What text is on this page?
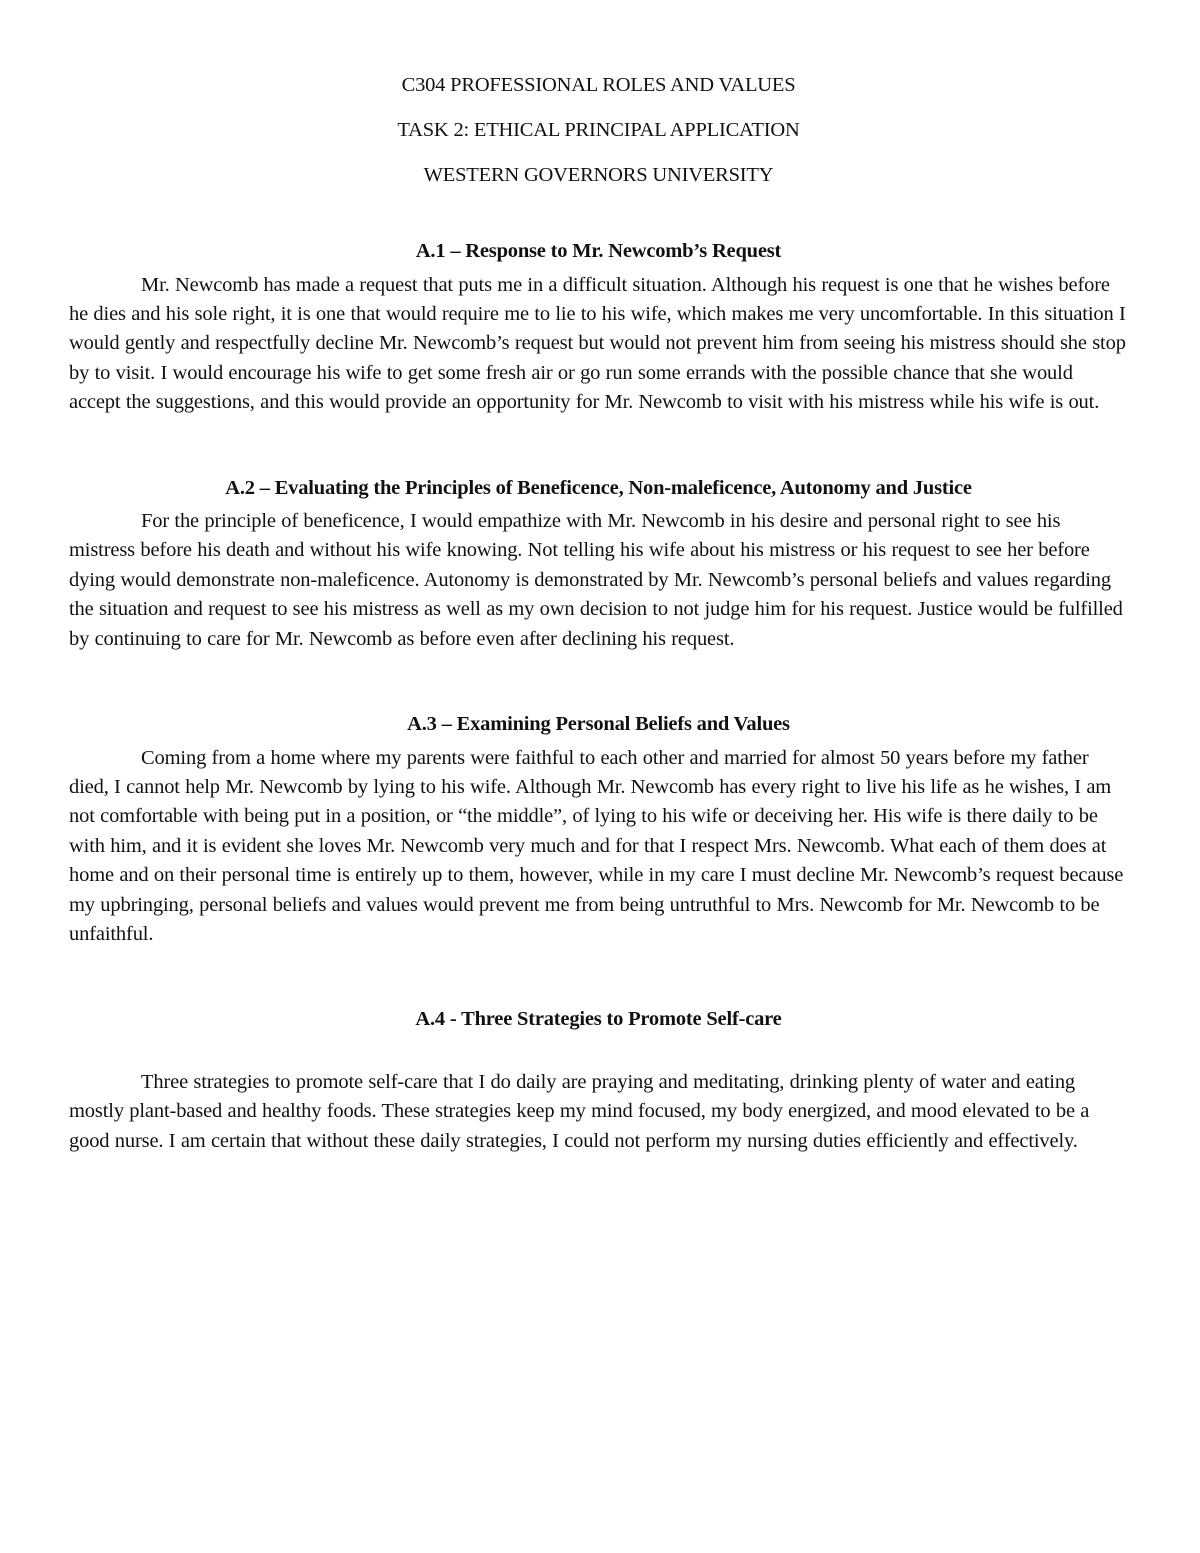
C304 PROFESSIONAL ROLES AND VALUES

TASK 2: ETHICAL PRINCIPAL APPLICATION

WESTERN GOVERNORS UNIVERSITY

A.1 – Response to Mr. Newcomb’s Request

Mr. Newcomb has made a request that puts me in a difficult situation. Although his request is one that he wishes before he dies and his sole right, it is one that would require me to lie to his wife, which makes me very uncomfortable. In this situation I would gently and respectfully decline Mr. Newcomb’s request but would not prevent him from seeing his mistress should she stop by to visit. I would encourage his wife to get some fresh air or go run some errands with the possible chance that she would accept the suggestions, and this would provide an opportunity for Mr. Newcomb to visit with his mistress while his wife is out.

A.2 – Evaluating the Principles of Beneficence, Non-maleficence, Autonomy and Justice

For the principle of beneficence, I would empathize with Mr. Newcomb in his desire and personal right to see his mistress before his death and without his wife knowing. Not telling his wife about his mistress or his request to see her before dying would demonstrate non-maleficence. Autonomy is demonstrated by Mr. Newcomb’s personal beliefs and values regarding the situation and request to see his mistress as well as my own decision to not judge him for his request. Justice would be fulfilled by continuing to care for Mr. Newcomb as before even after declining his request.

A.3 – Examining Personal Beliefs and Values

Coming from a home where my parents were faithful to each other and married for almost 50 years before my father died, I cannot help Mr. Newcomb by lying to his wife. Although Mr. Newcomb has every right to live his life as he wishes, I am not comfortable with being put in a position, or “the middle”, of lying to his wife or deceiving her. His wife is there daily to be with him, and it is evident she loves Mr. Newcomb very much and for that I respect Mrs. Newcomb. What each of them does at home and on their personal time is entirely up to them, however, while in my care I must decline Mr. Newcomb’s request because my upbringing, personal beliefs and values would prevent me from being untruthful to Mrs. Newcomb for Mr. Newcomb to be unfaithful.

A.4 - Three Strategies to Promote Self-care

Three strategies to promote self-care that I do daily are praying and meditating, drinking plenty of water and eating mostly plant-based and healthy foods. These strategies keep my mind focused, my body energized, and mood elevated to be a good nurse. I am certain that without these daily strategies, I could not perform my nursing duties efficiently and effectively.
